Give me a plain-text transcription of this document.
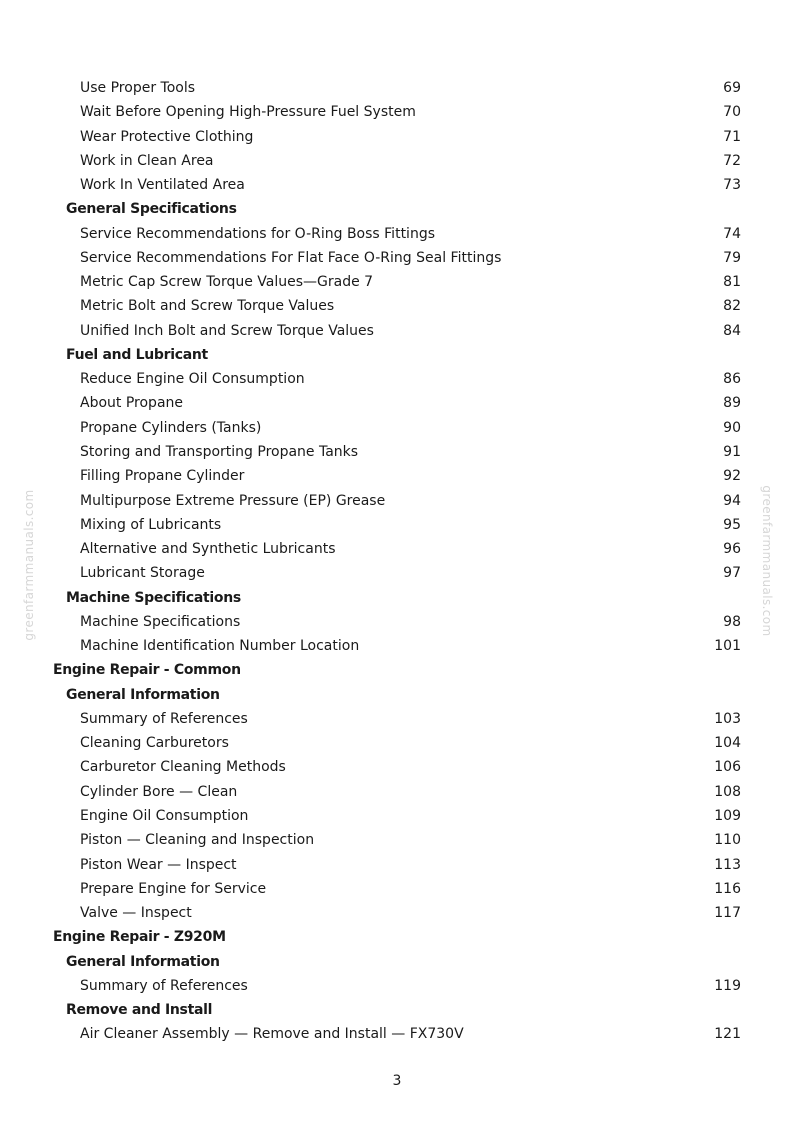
greenfarmmanuals.com	greenfarmmanuals.com
Use Proper Tools	69
Wait Before Opening High-Pressure Fuel System	70
Wear Protective Clothing	71
Work in Clean Area	72
Work In Ventilated Area	73
General Specifications
Service Recommendations for O-Ring Boss Fittings	74
Service Recommendations For Flat Face O-Ring Seal Fittings	79
Metric Cap Screw Torque Values—Grade 7	81
Metric Bolt and Screw Torque Values	82
Unified Inch Bolt and Screw Torque Values	84
Fuel and Lubricant
Reduce Engine Oil Consumption	86
About Propane	89
Propane Cylinders (Tanks)	90
Storing and Transporting Propane Tanks	91
Filling Propane Cylinder	92
Multipurpose Extreme Pressure (EP) Grease	94
Mixing of Lubricants	95
Alternative and Synthetic Lubricants	96
Lubricant Storage	97
Machine Specifications
Machine Specifications	98
Machine Identification Number Location	101
Engine Repair - Common
General Information
Summary of References	103
Cleaning Carburetors	104
Carburetor Cleaning Methods	106
Cylinder Bore — Clean	108
Engine Oil Consumption	109
Piston — Cleaning and Inspection	110
Piston Wear — Inspect	113
Prepare Engine for Service	116
Valve — Inspect	117
Engine Repair - Z920M
General Information
Summary of References	119
Remove and Install
Air Cleaner Assembly — Remove and Install — FX730V	121
3
